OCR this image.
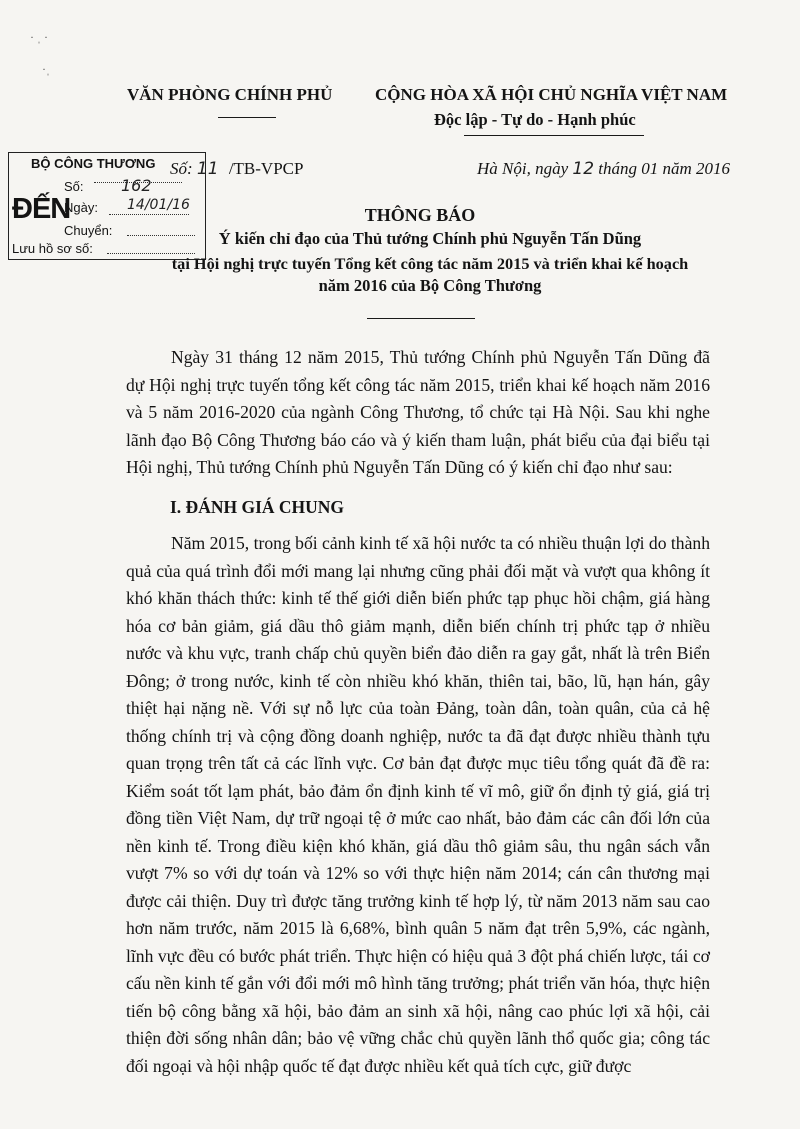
· ˌ ·
·ˌ
VĂN PHÒNG CHÍNH PHỦ	CỘNG HÒA XÃ HỘI CHỦ NGHĨA VIỆT NAM
Độc lập - Tự do - Hạnh phúc
Số: 11 /TB-VPCP	Hà Nội, ngày 12 tháng 01 năm 2016
BỘ CÔNG THƯƠNG
ĐẾN
Số: 162
Ngày: 14/01/16
Chuyển:
Lưu hồ sơ số:
THÔNG BÁO
Ý kiến chỉ đạo của Thủ tướng Chính phủ Nguyễn Tấn Dũng
tại Hội nghị trực tuyến Tổng kết công tác năm 2015 và triển khai kế hoạch
năm 2016 của Bộ Công Thương

Ngày 31 tháng 12 năm 2015, Thủ tướng Chính phủ Nguyễn Tấn Dũng đã dự Hội nghị trực tuyến tổng kết công tác năm 2015, triển khai kế hoạch năm 2016 và 5 năm 2016-2020 của ngành Công Thương, tổ chức tại Hà Nội. Sau khi nghe lãnh đạo Bộ Công Thương báo cáo và ý kiến tham luận, phát biểu của đại biểu tại Hội nghị, Thủ tướng Chính phủ Nguyễn Tấn Dũng có ý kiến chỉ đạo như sau:

I. ĐÁNH GIÁ CHUNG

Năm 2015, trong bối cảnh kinh tế xã hội nước ta có nhiều thuận lợi do thành quả của quá trình đổi mới mang lại nhưng cũng phải đối mặt và vượt qua không ít khó khăn thách thức: kinh tế thế giới diễn biến phức tạp phục hồi chậm, giá hàng hóa cơ bản giảm, giá dầu thô giảm mạnh, diễn biến chính trị phức tạp ở nhiều nước và khu vực, tranh chấp chủ quyền biển đảo diễn ra gay gắt, nhất là trên Biển Đông; ở trong nước, kinh tế còn nhiều khó khăn, thiên tai, bão, lũ, hạn hán, gây thiệt hại nặng nề. Với sự nỗ lực của toàn Đảng, toàn dân, toàn quân, của cả hệ thống chính trị và cộng đồng doanh nghiệp, nước ta đã đạt được nhiều thành tựu quan trọng trên tất cả các lĩnh vực. Cơ bản đạt được mục tiêu tổng quát đã đề ra: Kiểm soát tốt lạm phát, bảo đảm ổn định kinh tế vĩ mô, giữ ổn định tỷ giá, giá trị đồng tiền Việt Nam, dự trữ ngoại tệ ở mức cao nhất, bảo đảm các cân đối lớn của nền kinh tế. Trong điều kiện khó khăn, giá dầu thô giảm sâu, thu ngân sách vẫn vượt 7% so với dự toán và 12% so với thực hiện năm 2014; cán cân thương mại được cải thiện. Duy trì được tăng trưởng kinh tế hợp lý, từ năm 2013 năm sau cao hơn năm trước, năm 2015 là 6,68%, bình quân 5 năm đạt trên 5,9%, các ngành, lĩnh vực đều có bước phát triển. Thực hiện có hiệu quả 3 đột phá chiến lược, tái cơ cấu nền kinh tế gắn với đổi mới mô hình tăng trưởng; phát triển văn hóa, thực hiện tiến bộ công bằng xã hội, bảo đảm an sinh xã hội, nâng cao phúc lợi xã hội, cải thiện đời sống nhân dân; bảo vệ vững chắc chủ quyền lãnh thổ quốc gia; công tác đối ngoại và hội nhập quốc tế đạt được nhiều kết quả tích cực, giữ được
